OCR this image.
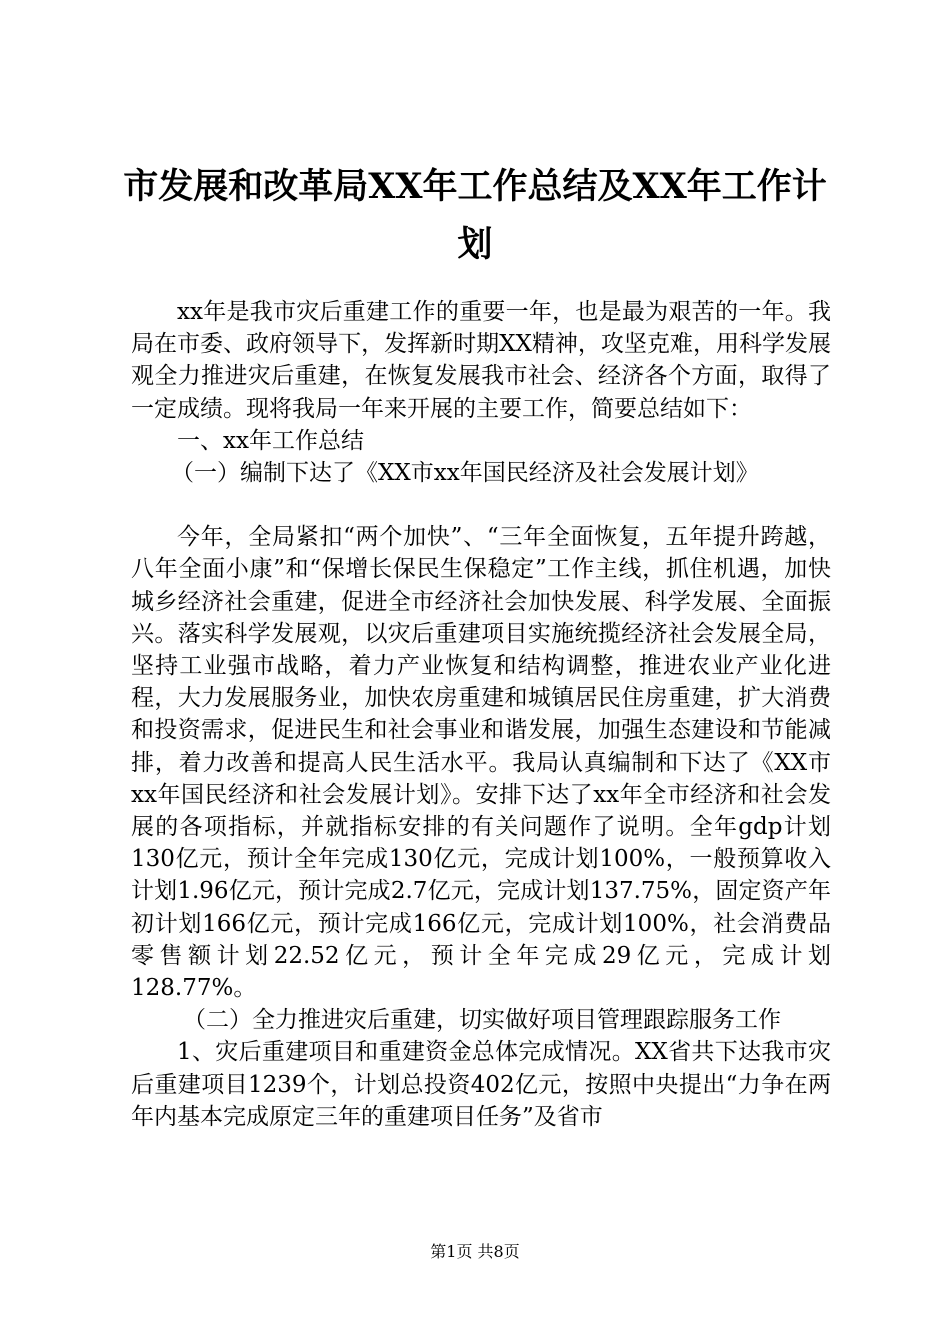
市发展和改革局XX年工作总结及XX年工作计划

xx年是我市灾后重建工作的重要一年，也是最为艰苦的一年。我局在市委、政府领导下，发挥新时期XX精神，攻坚克难，用科学发展观全力推进灾后重建，在恢复发展我市社会、经济各个方面，取得了一定成绩。现将我局一年来开展的主要工作，简要总结如下：

一、xx年工作总结

（一）编制下达了《XX市xx年国民经济及社会发展计划》

今年，全局紧扣“两个加快”、“三年全面恢复，五年提升跨越，八年全面小康”和“保增长保民生保稳定”工作主线，抓住机遇，加快城乡经济社会重建，促进全市经济社会加快发展、科学发展、全面振兴。落实科学发展观，以灾后重建项目实施统揽经济社会发展全局，坚持工业强市战略，着力产业恢复和结构调整，推进农业产业化进程，大力发展服务业，加快农房重建和城镇居民住房重建，扩大消费和投资需求，促进民生和社会事业和谐发展，加强生态建设和节能减排，着力改善和提高人民生活水平。我局认真编制和下达了《XX市xx年国民经济和社会发展计划》。安排下达了xx年全市经济和社会发展的各项指标，并就指标安排的有关问题作了说明。全年gdp计划130亿元，预计全年完成130亿元，完成计划100%，一般预算收入计划1.96亿元，预计完成2.7亿元，完成计划137.75%，固定资产年初计划166亿元，预计完成166亿元，完成计划100%，社会消费品零售额计划22.52亿元，预计全年完成29亿元，完成计划128.77%。

（二）全力推进灾后重建，切实做好项目管理跟踪服务工作

1、灾后重建项目和重建资金总体完成情况。XX省共下达我市灾后重建项目1239个，计划总投资402亿元，按照中央提出“力争在两年内基本完成原定三年的重建项目任务”及省市

第1页 共8页
